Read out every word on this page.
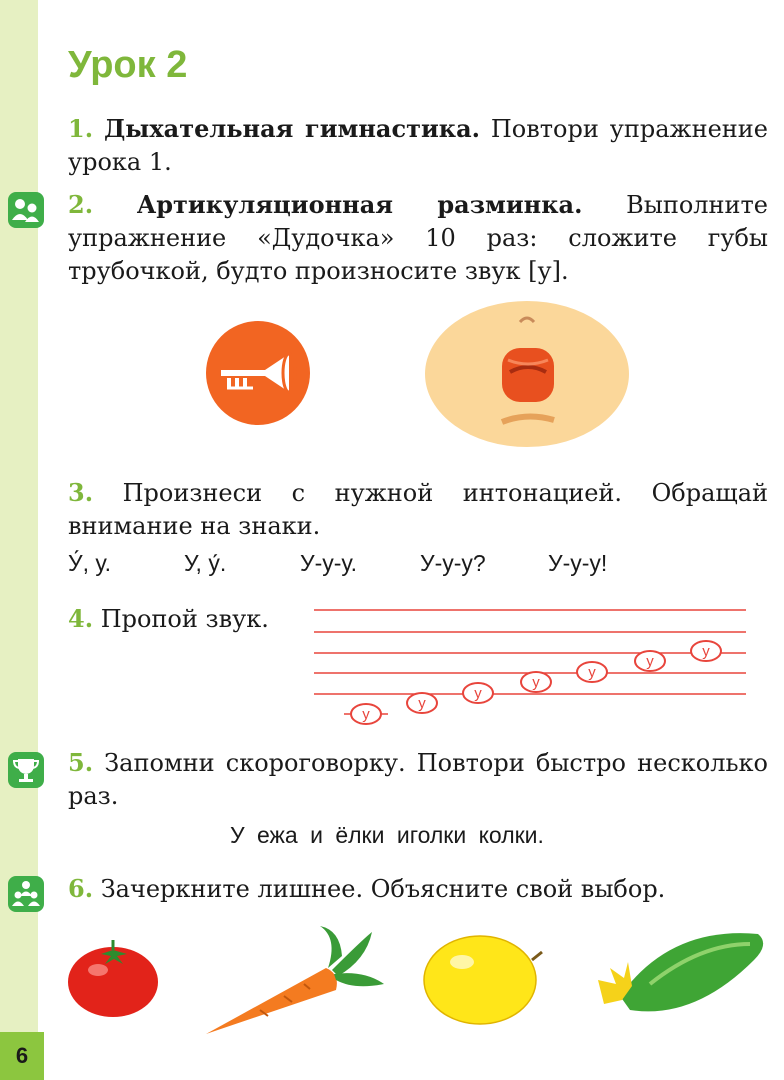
6
Урок 2

1. Дыхательная гимнастика. Повтори упражнение урока 1.

2. Артикуляционная разминка. Выполните упражнение «Дудочка» 10 раз: сложите губы трубочкой, будто произносите звук [у].

3. Произнеси с нужной интонацией. Обращай внимание на знаки.

У́, у.	У, у́.	У-у-у.	У-у-у?	У-у-у!

4. Пропой звук.

у
у
у
у
у
у
у

5. Запомни скороговорку. Повтори быстро несколько раз.

У ежа и ёлки иголки колки.

6. Зачеркните лишнее. Объясните свой выбор.
